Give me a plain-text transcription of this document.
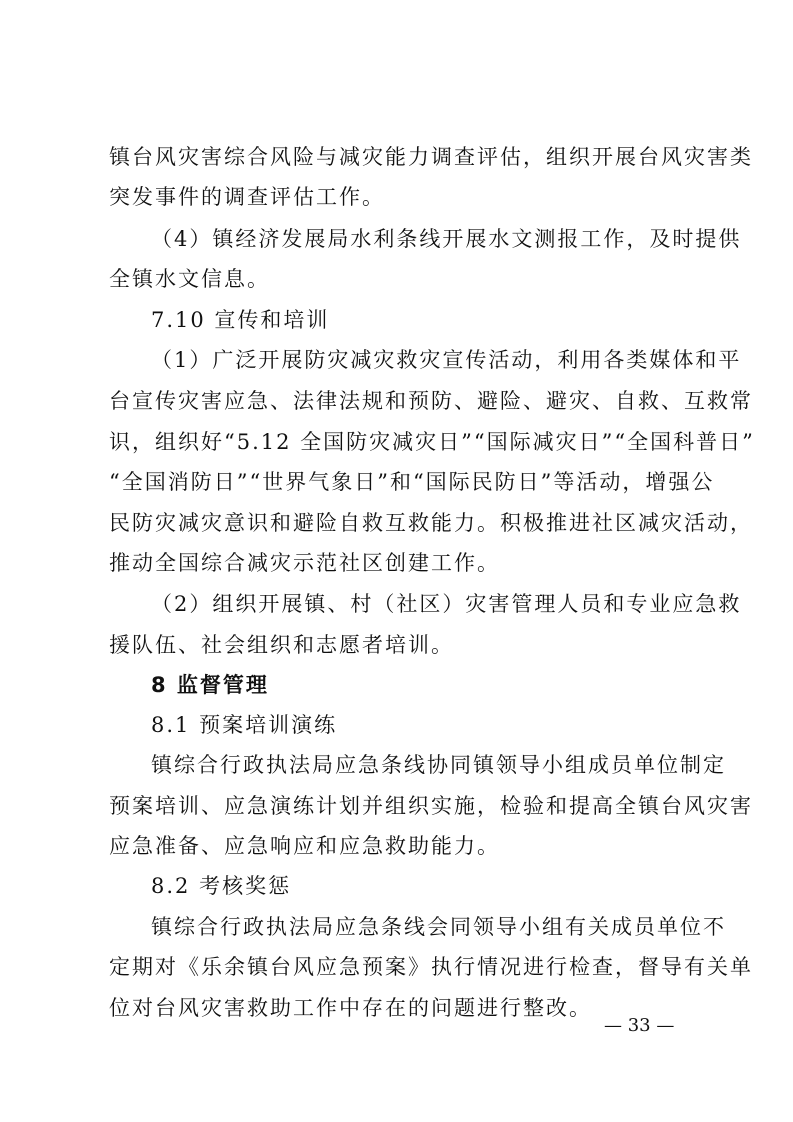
镇台风灾害综合风险与减灾能力调查评估，组织开展台风灾害类
突发事件的调查评估工作。
（4）镇经济发展局水利条线开展水文测报工作，及时提供
全镇水文信息。
7.10 宣传和培训
（1）广泛开展防灾减灾救灾宣传活动，利用各类媒体和平
台宣传灾害应急、法律法规和预防、避险、避灾、自救、互救常
识，组织好“5.12 全国防灾减灾日”“国际减灾日”“全国科普日”
“全国消防日”“世界气象日”和“国际民防日”等活动，增强公
民防灾减灾意识和避险自救互救能力。积极推进社区减灾活动，
推动全国综合减灾示范社区创建工作。
（2）组织开展镇、村（社区）灾害管理人员和专业应急救
援队伍、社会组织和志愿者培训。
8 监督管理
8.1 预案培训演练
镇综合行政执法局应急条线协同镇领导小组成员单位制定
预案培训、应急演练计划并组织实施，检验和提高全镇台风灾害
应急准备、应急响应和应急救助能力。
8.2 考核奖惩
镇综合行政执法局应急条线会同领导小组有关成员单位不
定期对《乐余镇台风应急预案》执行情况进行检查，督导有关单
位对台风灾害救助工作中存在的问题进行整改。
— 33 —
